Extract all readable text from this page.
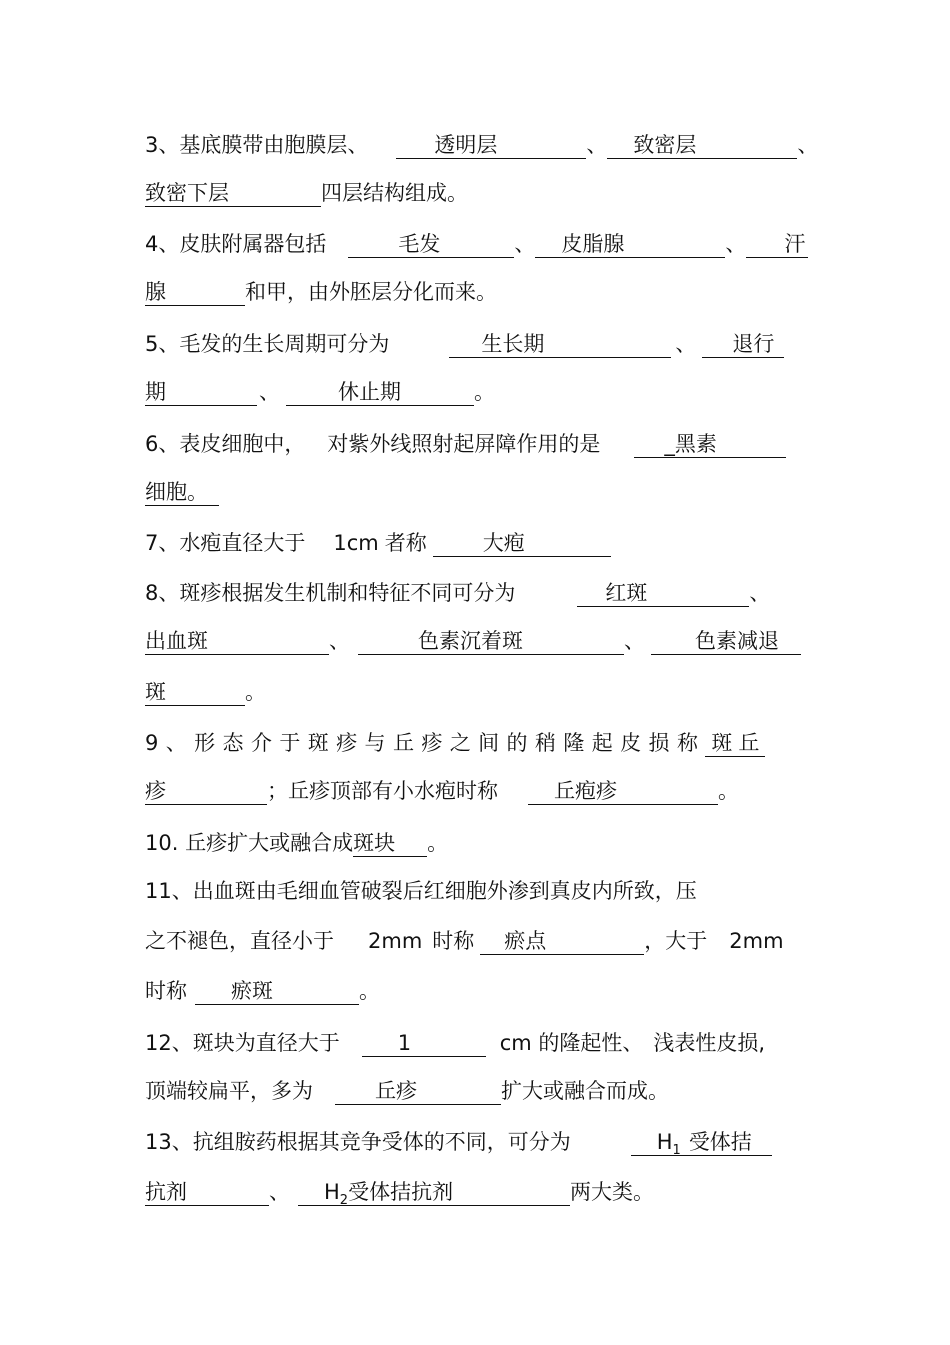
3、基底膜带由胞膜层、	透明层	、 致密层	、
致密下层	四层结构组成。
4、皮肤附属器包括	毛发	、 皮脂腺	、 汗
腺	和甲，由外胚层分化而来。
5、毛发的生长周期可分为	生长期	、 退行
期	、	休止期	。
6、表皮细胞中， 对紫外线照射起屏障作用的是	_黑素
细胞。
7、水疱直径大于 1cm 者称	大疱
8、斑疹根据发生机制和特征不同可分为	红斑	、
出血斑	、	色素沉着斑	、 色素减退
斑	。
9、形态介于斑疹与丘疹之间的稍隆起皮损称 斑丘
疹	；丘疹顶部有小水疱时称	丘疱疹	。
10. 丘疹扩大或融合成斑块 。
11、出血斑由毛细血管破裂后红细胞外渗到真皮内所致，压
之不褪色，直径小于 2mm 时称 瘀点	，大于 2mm
时称 瘀斑	。
12、斑块为直径大于	1	cm 的隆起性、 浅表性皮损,
顶端较扁平，多为	丘疹	扩大或融合而成。
13、抗组胺药根据其竞争受体的不同，可分为	$H_1$ 受体拮
抗剂	、 $H_2$受体拮抗剂	两大类。
